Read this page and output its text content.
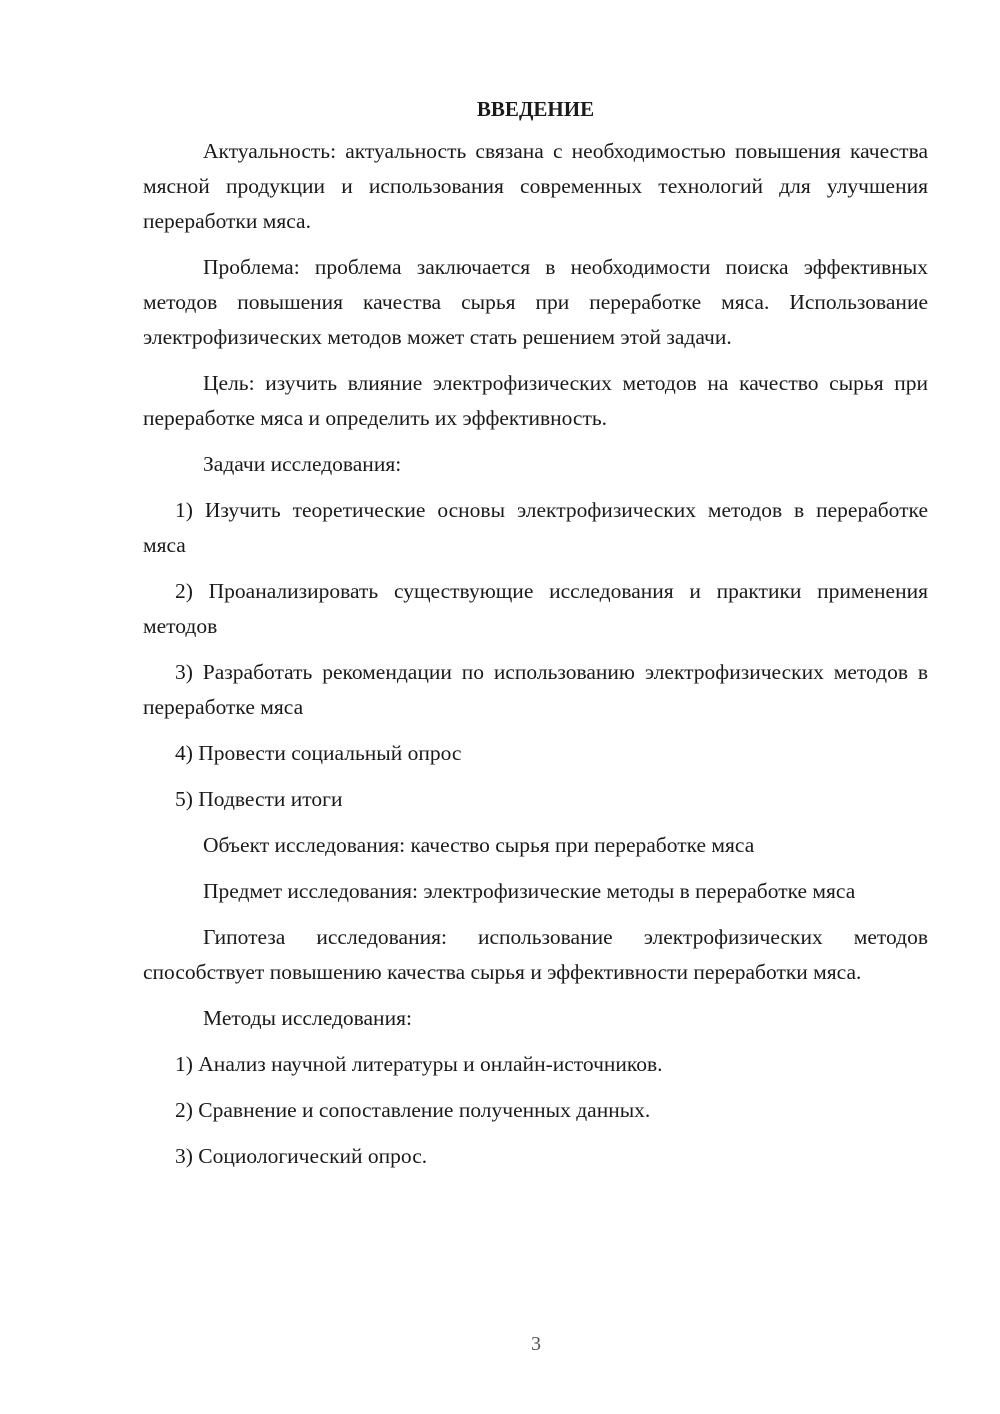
ВВЕДЕНИЕ

Актуальность: актуальность связана с необходимостью повышения качества мясной продукции и использования современных технологий для улучшения переработки мяса.

Проблема: проблема заключается в необходимости поиска эффективных методов повышения качества сырья при переработке мяса. Использование электрофизических методов может стать решением этой задачи.

Цель: изучить влияние электрофизических методов на качество сырья при переработке мяса и определить их эффективность.

Задачи исследования:

1) Изучить теоретические основы электрофизических методов в переработке мяса

2) Проанализировать существующие исследования и практики применения методов

3) Разработать рекомендации по использованию электрофизических методов в переработке мяса

4) Провести социальный опрос

5) Подвести итоги

Объект исследования: качество сырья при переработке мяса

Предмет исследования: электрофизические методы в переработке мяса

Гипотеза исследования: использование электрофизических методов способствует повышению качества сырья и эффективности переработки мяса.

Методы исследования:

1) Анализ научной литературы и онлайн-источников.

2) Сравнение и сопоставление полученных данных.

3) Социологический опрос.

3
